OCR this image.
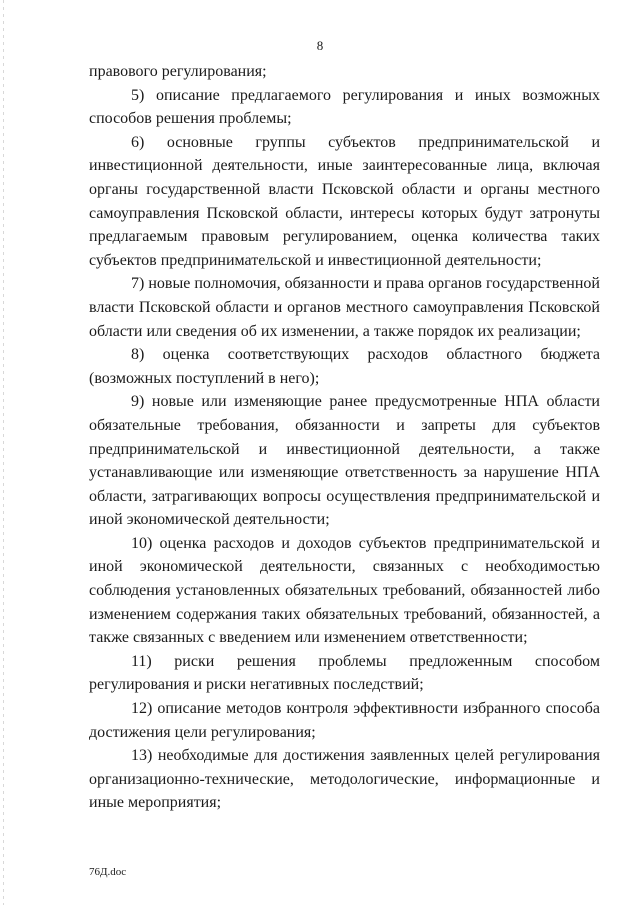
8

правового регулирования;

5) описание предлагаемого регулирования и иных возможных способов решения проблемы;

6) основные группы субъектов предпринимательской и инвестиционной деятельности, иные заинтересованные лица, включая органы государственной власти Псковской области и органы местного самоуправления Псковской области, интересы которых будут затронуты предлагаемым правовым регулированием, оценка количества таких субъектов предпринимательской и инвестиционной деятельности;

7) новые полномочия, обязанности и права органов государственной власти Псковской области и органов местного самоуправления Псковской области или сведения об их изменении, а также порядок их реализации;

8) оценка соответствующих расходов областного бюджета (возможных поступлений в него);

9) новые или изменяющие ранее предусмотренные НПА области обязательные требования, обязанности и запреты для субъектов предпринимательской и инвестиционной деятельности, а также устанавливающие или изменяющие ответственность за нарушение НПА области, затрагивающих вопросы осуществления предпринимательской и иной экономической деятельности;

10) оценка расходов и доходов субъектов предпринимательской и иной экономической деятельности, связанных с необходимостью соблюдения установленных обязательных требований, обязанностей либо изменением содержания таких обязательных требований, обязанностей, а также связанных с введением или изменением ответственности;

11) риски решения проблемы предложенным способом регулирования и риски негативных последствий;

12) описание методов контроля эффективности избранного способа достижения цели регулирования;

13) необходимые для достижения заявленных целей регулирования организационно-технические, методологические, информационные и иные мероприятия;

76Д.doc
